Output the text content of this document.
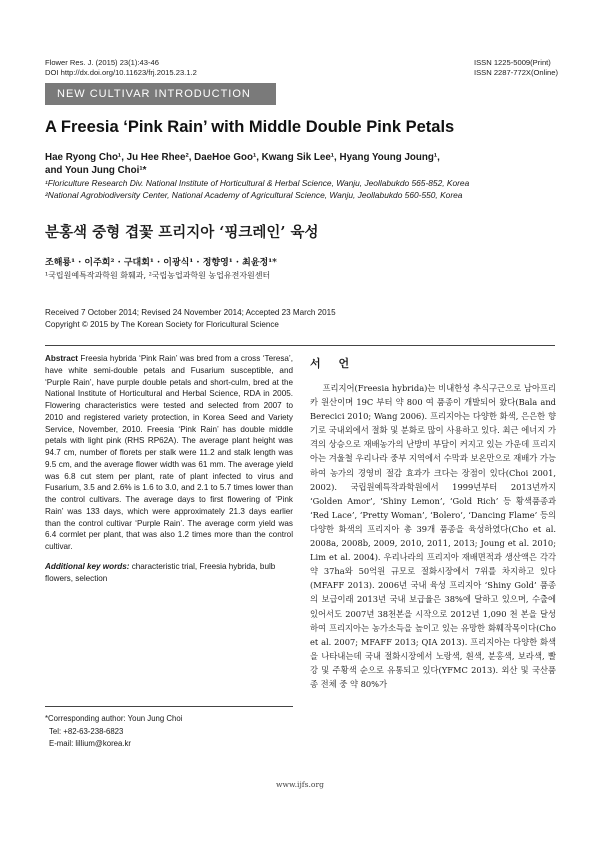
Flower Res. J. (2015) 23(1):43-46
DOI http://dx.doi.org/10.11623/frj.2015.23.1.2
ISSN 1225-5009(Print)
ISSN 2287-772X(Online)
NEW CULTIVAR INTRODUCTION
A Freesia ‘Pink Rain’ with Middle Double Pink Petals
Hae Ryong Cho¹, Ju Hee Rhee², DaeHoe Goo¹, Kwang Sik Lee¹, Hyang Young Joung¹,
and Youn Jung Choi¹*
¹Floriculture Research Div. National Institute of Horticultural & Herbal Science, Wanju, Jeollabukdo 565-852, Korea
²National Agrobiodiversity Center, National Academy of Agricultural Science, Wanju, Jeollabukdo 560-550, Korea
분홍색 중형 겹꽃 프리지아 ‘핑크레인’ 육성
조해룡¹ · 이주희² · 구대회¹ · 이광식¹ · 정향영¹ · 최윤정¹*
¹국립원예특작과학원 화훼과, ²국립농업과학원 농업유전자원센터
Received 7 October 2014; Revised 24 November 2014; Accepted 23 March 2015
Copyright © 2015 by The Korean Society for Floricultural Science
Abstract Freesia hybrida ‘Pink Rain’ was bred from a cross ‘Teresa’, have white semi-double petals and Fusarium susceptible, and ‘Purple Rain’, have purple double petals and short-culm, bred at the National Institute of Horticultural and Herbal Science, RDA in 2005. Flowering characteristics were tested and selected from 2007 to 2010 and registered variety protection, in Korea Seed and Variety Service, November, 2010. Freesia ‘Pink Rain’ has double middle petals with light pink (RHS RP62A). The average plant height was 94.7 cm, number of florets per stalk were 11.2 and stalk length was 9.5 cm, and the average flower width was 61 mm. The average yield was 6.8 cut stem per plant, rate of plant infected to virus and Fusarium, 3.5 and 2.6% is 1.6 to 3.0, and 2.1 to 5.7 times lower than the control cultivars. The average days to first flowering of ‘Pink Rain’ was 133 days, which were approximately 21.3 days earlier than the control cultivar ‘Purple Rain’. The average corm yield was 6.4 cormlet per plant, that was also 1.2 times more than the control cultivar.
Additional key words: characteristic trial, Freesia hybrida, bulb flowers, selection
*Corresponding author: Youn Jung Choi
Tel: +82-63-238-6823
E-mail: lillium@korea.kr
서 언
프리지어(Freesia hybrida)는 비내한성 추식구근으로 남아프리카 원산이며 19C 부터 약 800 여 품종이 개발되어 왔다(Bala and Berecici 2010; Wang 2006). 프리지아는 다양한 화색, 은은한 향기로 국내외에서 절화 및 분화로 많이 사용하고 있다. 최근 에너지 가격의 상승으로 재배농가의 난방비 부담이 커지고 있는 가운데 프리지아는 겨울철 우리나라 중부 지역에서 수막과 보온만으로 재배가 가능하여 농가의 경영비 절감 효과가 크다는 장점이 있다(Choi 2001, 2002). 국립원예특작과학원에서 1999년부터 2013년까지 ‘Golden Amor’, ‘Shiny Lemon’, ‘Gold Rich’ 등 황색품종과 ‘Red Lace’, ‘Pretty Woman’, ‘Bolero’, ‘Dancing Flame’ 등의 다양한 화색의 프리지아 총 39개 품종을 육성하였다(Cho et al. 2008a, 2008b, 2009, 2010, 2011, 2013; Joung et al. 2010; Lim et al. 2004). 우리나라의 프리지아 재배면적과 생산액은 각각 약 37ha와 50억원 규모로 절화시장에서 7위를 차지하고 있다(MFAFF 2013). 2006년 국내 육성 프리지아 ‘Shiny Gold’ 품종의 보급이래 2013년 국내 보급율은 38%에 달하고 있으며, 수출에 있어서도 2007년 38천본을 시작으로 2012년 1,090 천 본을 달성하여 프리지아는 농가소득을 높이고 있는 유망한 화훼작목이다(Cho et al. 2007; MFAFF 2013; QIA 2013). 프리지아는 다양한 화색을 나타내는데 국내 절화시장에서 노랑색, 흰색, 분홍색, 보라색, 빨강 및 주황색 순으로 유통되고 있다(YFMC 2013). 외산 및 국산품종 전체 중 약 80%가
www.ijfs.org
